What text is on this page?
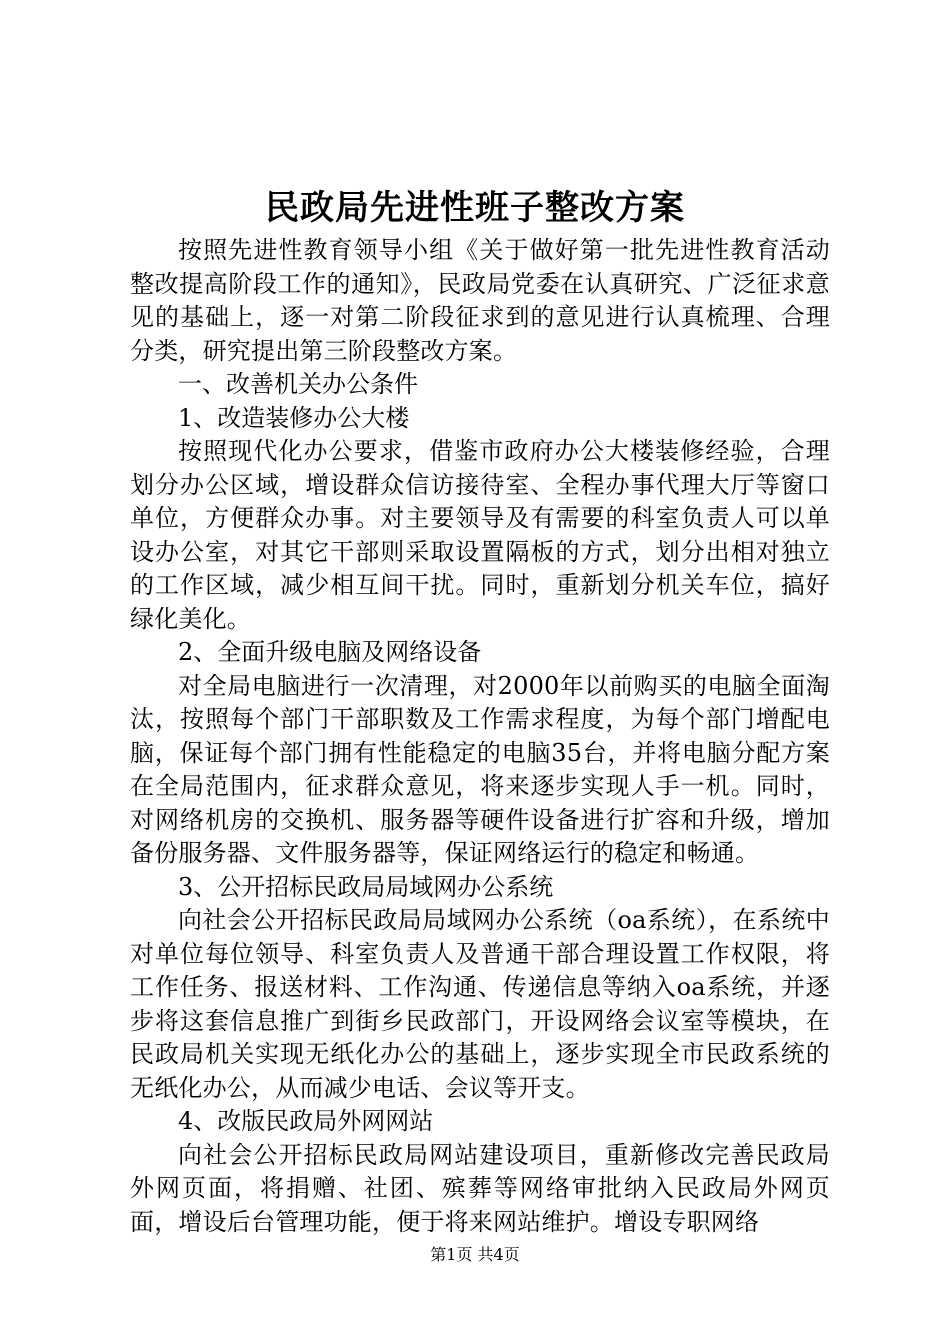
民政局先进性班子整改方案

按照先进性教育领导小组《关于做好第一批先进性教育活动整改提高阶段工作的通知》，民政局党委在认真研究、广泛征求意见的基础上，逐一对第二阶段征求到的意见进行认真梳理、合理分类，研究提出第三阶段整改方案。

一、改善机关办公条件

1、改造装修办公大楼

按照现代化办公要求，借鉴市政府办公大楼装修经验，合理划分办公区域，增设群众信访接待室、全程办事代理大厅等窗口单位，方便群众办事。对主要领导及有需要的科室负责人可以单设办公室，对其它干部则采取设置隔板的方式，划分出相对独立的工作区域，减少相互间干扰。同时，重新划分机关车位，搞好绿化美化。

2、全面升级电脑及网络设备

对全局电脑进行一次清理，对2000年以前购买的电脑全面淘汰，按照每个部门干部职数及工作需求程度，为每个部门增配电脑，保证每个部门拥有性能稳定的电脑35台，并将电脑分配方案在全局范围内，征求群众意见，将来逐步实现人手一机。同时，对网络机房的交换机、服务器等硬件设备进行扩容和升级，增加备份服务器、文件服务器等，保证网络运行的稳定和畅通。

3、公开招标民政局局域网办公系统

向社会公开招标民政局局域网办公系统（oa系统），在系统中对单位每位领导、科室负责人及普通干部合理设置工作权限，将工作任务、报送材料、工作沟通、传递信息等纳入oa系统，并逐步将这套信息推广到街乡民政部门，开设网络会议室等模块，在民政局机关实现无纸化办公的基础上，逐步实现全市民政系统的无纸化办公，从而减少电话、会议等开支。

4、改版民政局外网网站

向社会公开招标民政局网站建设项目，重新修改完善民政局外网页面，将捐赠、社团、殡葬等网络审批纳入民政局外网页面，增设后台管理功能，便于将来网站维护。增设专职网络

第1页 共4页
